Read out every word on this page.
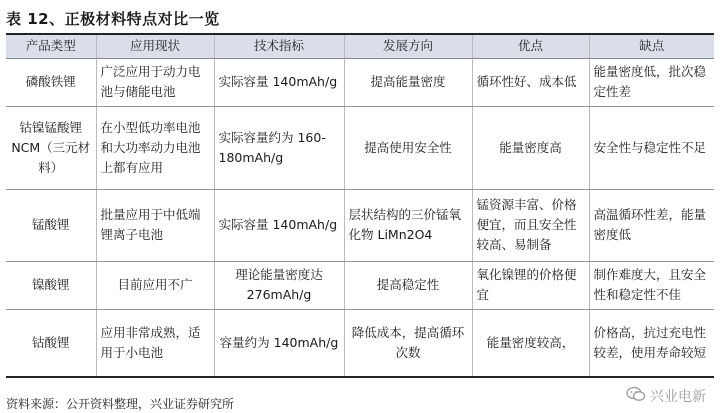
表 12、正极材料特点对比一览
产品类型	应用现状	技术指标	发展方向	优点	缺点
磷酸铁锂	广泛应用于动力电池与储能电池	实际容量 140mAh/g	提高能量密度	循环性好、成本低	能量密度低，批次稳定性差
钴镍锰酸锂 NCM（三元材料）	在小型低功率电池和大功率动力电池上都有应用	实际容量约为 160-180mAh/g	提高使用安全性	能量密度高	安全性与稳定性不足
锰酸锂	批量应用于中低端锂离子电池	实际容量 140mAh/g	层状结构的三价锰氧化物 LiMn2O4	锰资源丰富、价格便宜，而且安全性较高、易制备	高温循环性差，能量密度低
镍酸锂	目前应用不广	理论能量密度达 276mAh/g	提高稳定性	氧化镍锂的价格便宜	制作难度大，且安全性和稳定性不佳
钴酸锂	应用非常成熟，适用于小电池	容量约为 140mAh/g	降低成本，提高循环次数	能量密度较高，	价格高，抗过充电性较差，使用寿命较短
资料来源：公开资料整理，兴业证券研究所	兴业电新
